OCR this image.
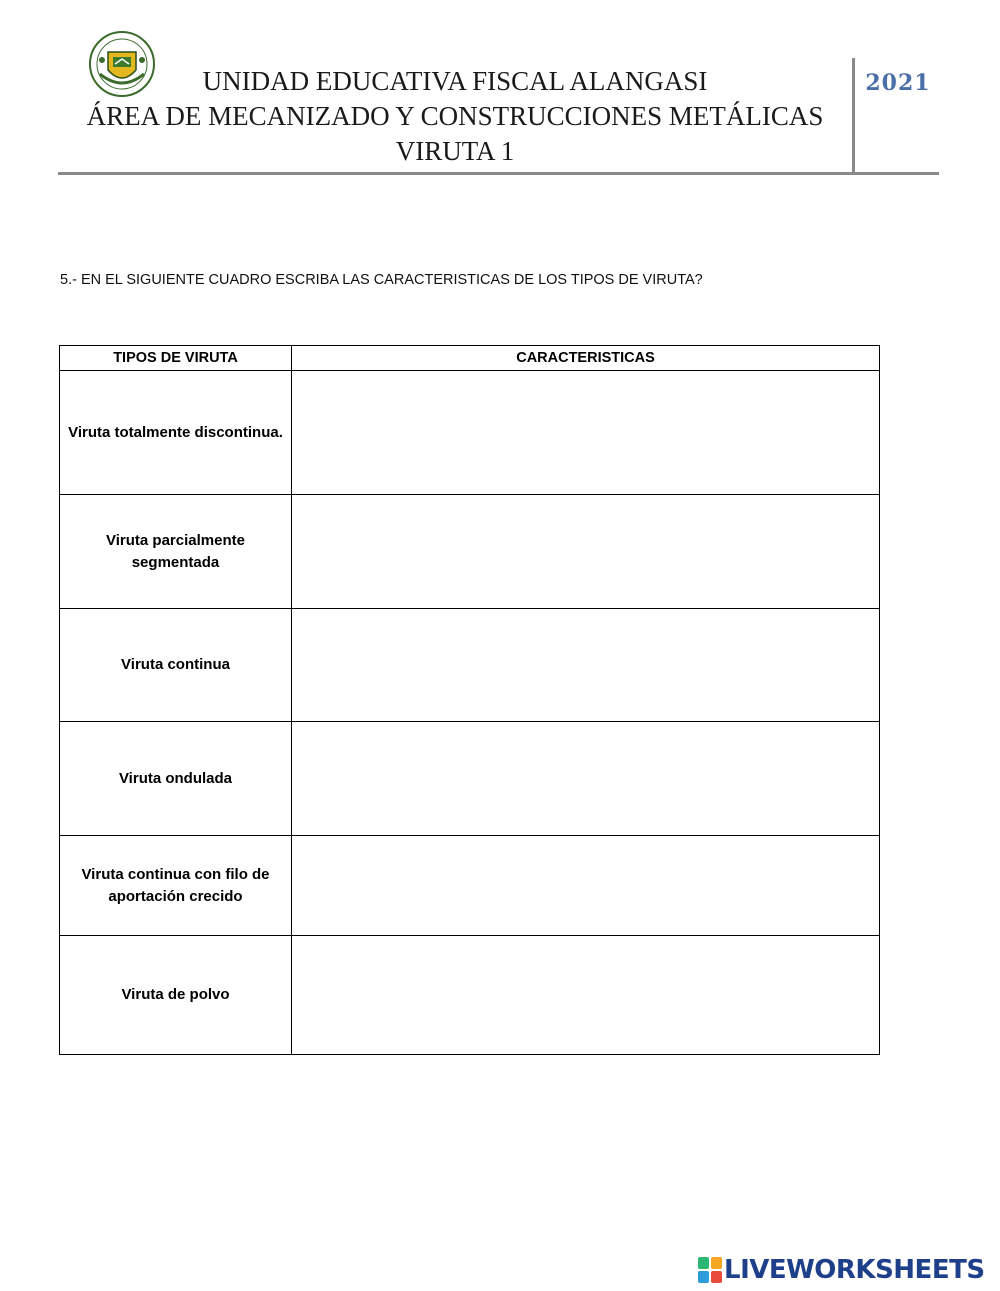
UNIDAD EDUCATIVA FISCAL ALANGASI
ÁREA DE MECANIZADO Y CONSTRUCCIONES METÁLICAS
VIRUTA 1
2021
5.- EN EL SIGUIENTE CUADRO ESCRIBA LAS CARACTERISTICAS DE LOS TIPOS DE VIRUTA?
TIPOS DE VIRUTA	CARACTERISTICAS
Viruta totalmente discontinua.	
Viruta parcialmente segmentada	
Viruta continua	
Viruta ondulada	
Viruta continua con filo de aportación crecido	
Viruta de polvo	
LIVEWORKSHEETS
